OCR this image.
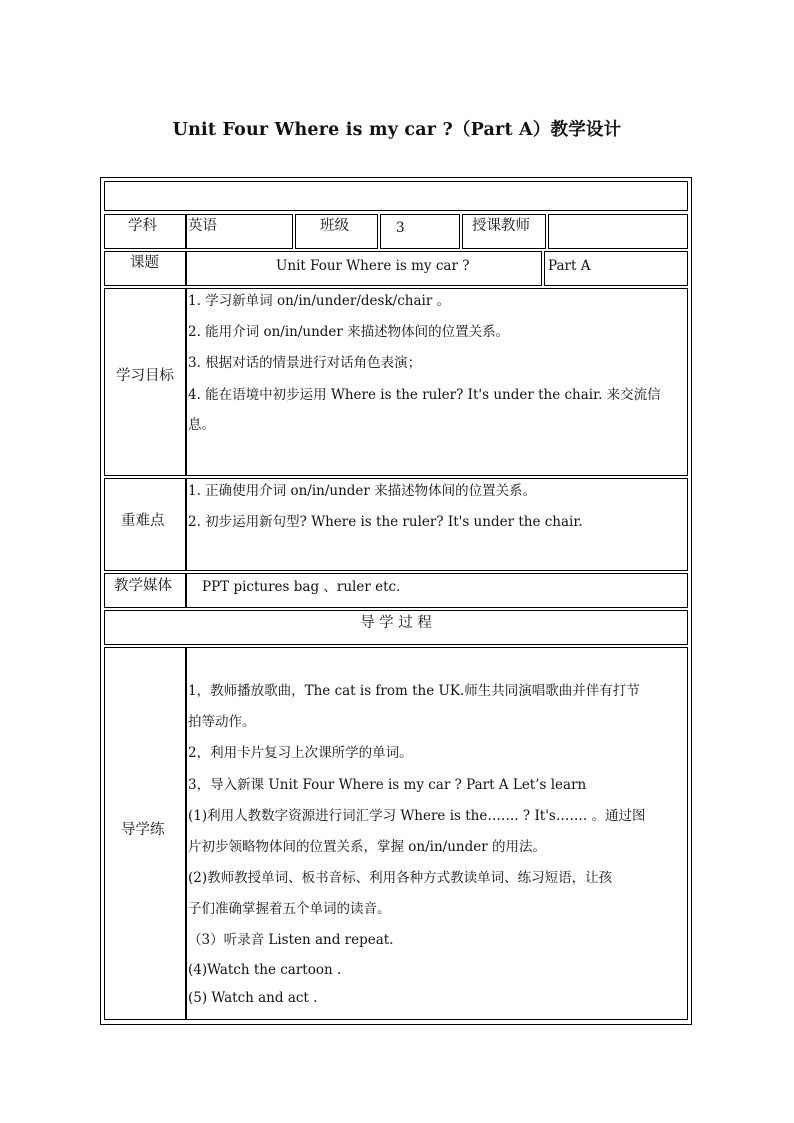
Unit Four Where is my car ?（Part A）教学设计
学科 英语	班级	3	授课教师
课题	Unit Four Where is my car ?	Part A
学习目标
1. 学习新单词 on/in/under/desk/chair 。
2. 能用介词 on/in/under 来描述物体间的位置关系。
3. 根据对话的情景进行对话角色表演；
4. 能在语境中初步运用 Where is the ruler? It's under the chair. 来交流信
息。
重难点
1. 正确使用介词 on/in/under 来描述物体间的位置关系。
2. 初步运用新句型? Where is the ruler? It's under the chair.
教学媒体 PPT pictures bag 、ruler etc.
导 学 过 程
导学练
1，教师播放歌曲，The cat is from the UK.师生共同演唱歌曲并伴有打节
拍等动作。
2，利用卡片复习上次课所学的单词。
3，导入新课 Unit Four Where is my car ? Part A Let’s learn
(1)利用人教数字资源进行词汇学习 Where is the……. ? It's……. 。通过图
片初步领略物体间的位置关系，掌握 on/in/under 的用法。
(2)教师教授单词、板书音标、利用各种方式教读单词、练习短语，让孩
子们准确掌握着五个单词的读音。
（3）听录音 Listen and repeat.
(4)Watch the cartoon .
(5) Watch and act .
